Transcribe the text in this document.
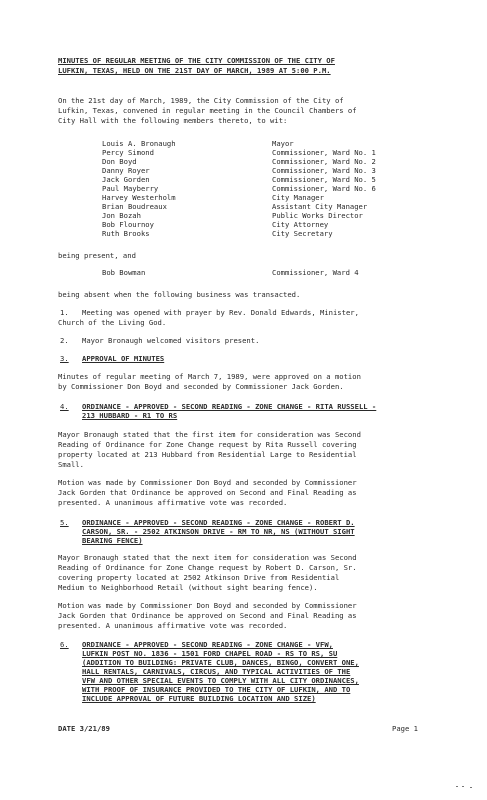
MINUTES OF REGULAR MEETING OF THE CITY COMMISSION OF THE CITY OF
LUFKIN, TEXAS, HELD ON THE 21ST DAY OF MARCH, 1989 AT 5:00 P.M.
On the 21st day of March, 1989, the City Commission of the City of
Lufkin, Texas, convened in regular meeting in the Council Chambers of
City Hall with the following members thereto, to wit:
Louis A. Bronaugh	Mayor
Percy Simond	Commissioner, Ward No. 1
Don Boyd	Commissioner, Ward No. 2
Danny Royer	Commissioner, Ward No. 3
Jack Gorden	Commissioner, Ward No. 5
Paul Mayberry	Commissioner, Ward No. 6
Harvey Westerholm	City Manager
Brian Boudreaux	Assistant City Manager
Jon Bozah	Public Works Director
Bob Flournoy	City Attorney
Ruth Brooks	City Secretary
being present, and
Bob Bowman	Commissioner, Ward 4
being absent when the following business was transacted.
1. Meeting was opened with prayer by Rev. Donald Edwards, Minister,
Church of the Living God.
2. Mayor Bronaugh welcomed visitors present.
3. APPROVAL OF MINUTES
Minutes of regular meeting of March 7, 1989, were approved on a motion
by Commissioner Don Boyd and seconded by Commissioner Jack Gorden.
4. ORDINANCE - APPROVED - SECOND READING - ZONE CHANGE - RITA RUSSELL -
213 HUBBARD - R1 TO RS
Mayor Bronaugh stated that the first item for consideration was Second
Reading of Ordinance for Zone Change request by Rita Russell covering
property located at 213 Hubbard from Residential Large to Residential
Small.
Motion was made by Commissioner Don Boyd and seconded by Commissioner
Jack Gorden that Ordinance be approved on Second and Final Reading as
presented. A unanimous affirmative vote was recorded.
5. ORDINANCE - APPROVED - SECOND READING - ZONE CHANGE - ROBERT D.
CARSON, SR. - 2502 ATKINSON DRIVE - RM TO NR, NS (WITHOUT SIGHT
BEARING FENCE)
Mayor Bronaugh stated that the next item for consideration was Second
Reading of Ordinance for Zone Change request by Robert D. Carson, Sr.
covering property located at 2502 Atkinson Drive from Residential
Medium to Neighborhood Retail (without sight bearing fence).
Motion was made by Commissioner Don Boyd and seconded by Commissioner
Jack Gorden that Ordinance be approved on Second and Final Reading as
presented. A unanimous affirmative vote was recorded.
6. ORDINANCE - APPROVED - SECOND READING - ZONE CHANGE - VFW,
LUFKIN POST NO. 1836 - 1501 FORD CHAPEL ROAD - RS TO RS, SU
(ADDITION TO BUILDING: PRIVATE CLUB, DANCES, BINGO, CONVERT ONE,
HALL RENTALS, CARNIVALS, CIRCUS, AND TYPICAL ACTIVITIES OF THE
VFW AND OTHER SPECIAL EVENTS TO COMPLY WITH ALL CITY ORDINANCES,
WITH PROOF OF INSURANCE PROVIDED TO THE CITY OF LUFKIN, AND TO
INCLUDE APPROVAL OF FUTURE BUILDING LOCATION AND SIZE)
DATE 3/21/89	Page 1
